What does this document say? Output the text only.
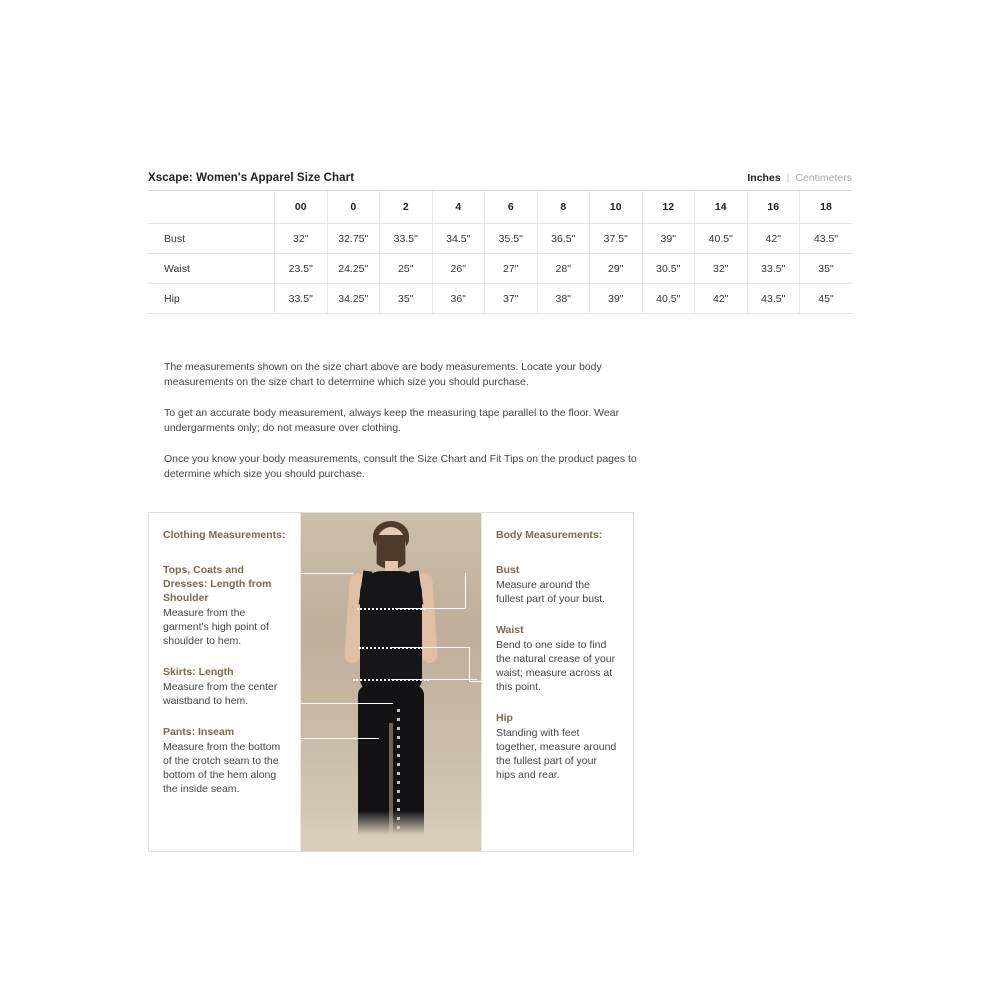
Xscape: Women's Apparel Size Chart	Inches | Centimeters
	00	0	2	4	6	8	10	12	14	16	18
Bust	32"	32.75"	33.5"	34.5"	35.5"	36.5"	37.5"	39"	40.5"	42"	43.5"
Waist	23.5"	24.25"	25"	26"	27"	28"	29"	30.5"	32"	33.5"	35"
Hip	33.5"	34.25"	35"	36"	37"	38"	39"	40.5"	42"	43.5"	45"

The measurements shown on the size chart above are body measurements. Locate your body measurements on the size chart to determine which size you should purchase.

To get an accurate body measurement, always keep the measuring tape parallel to the floor. Wear undergarments only; do not measure over clothing.

Once you know your body measurements, consult the Size Chart and Fit Tips on the product pages to determine which size you should purchase.

Clothing Measurements:
Tops, Coats and Dresses: Length from Shoulder
Measure from the garment's high point of shoulder to hem.
Skirts: Length
Measure from the center waistband to hem.
Pants: Inseam
Measure from the bottom of the crotch seam to the bottom of the hem along the inside seam.
Body Measurements:
Bust
Measure around the fullest part of your bust.
Waist
Bend to one side to find the natural crease of your waist; measure across at this point.
Hip
Standing with feet together, measure around the fullest part of your hips and rear.
